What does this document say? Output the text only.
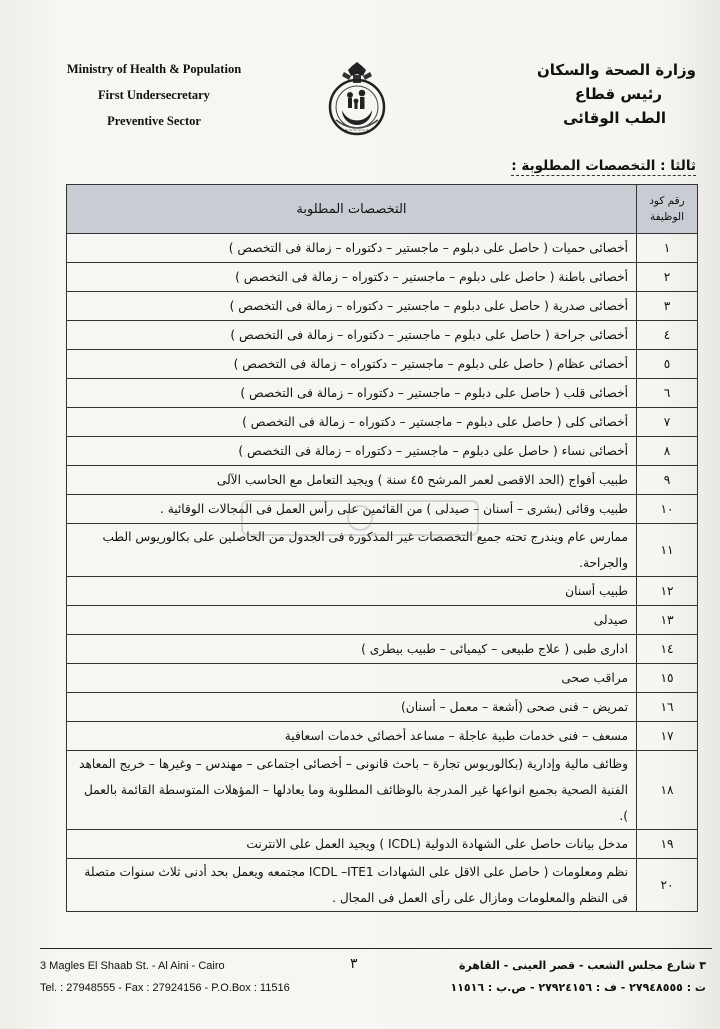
Ministry of Health & Population
First Undersecretary
Preventive Sector
~~~~~~~~
وزارة الصحة والسكان
رئيس قطاع
الطب الوقائى
ثالثا : التخصصات المطلوبة :
رقم كود الوظيفة	التخصصات المطلوبة
١	أخصائى حميات ( حاصل على دبلوم – ماجستير – دكتوراه – زمالة فى التخصص )
٢	أخصائى باطنة ( حاصل على دبلوم – ماجستير – دكتوراه – زمالة فى التخصص )
٣	أخصائى صدرية ( حاصل على دبلوم – ماجستير – دكتوراه – زمالة فى التخصص )
٤	أخصائى جراحة ( حاصل على دبلوم – ماجستير – دكتوراه – زمالة فى التخصص )
٥	أخصائى عظام ( حاصل على دبلوم – ماجستير – دكتوراه – زمالة فى التخصص )
٦	أخصائى قلب ( حاصل على دبلوم – ماجستير – دكتوراه – زمالة فى التخصص )
٧	أخصائى كلى ( حاصل على دبلوم – ماجستير – دكتوراه – زمالة فى التخصص )
٨	أخصائى نساء ( حاصل على دبلوم – ماجستير – دكتوراه – زمالة فى التخصص )
٩	طبيب أفواج (الحد الاقصى لعمر المرشح ٤٥ سنة ) ويجيد التعامل مع الحاسب الآلى
١٠	طبيب وقائى (بشرى – أسنان – صيدلى ) من القائمين على رأس العمل فى المجالات الوقائية .
١١	ممارس عام ويندرج تحته جميع التخصصات غير المذكورة فى الجدول من الحاصلين على بكالوريوس الطب والجراحة.
١٢	طبيب أسنان
١٣	صيدلى
١٤	ادارى طبى ( علاج طبيعى – كيميائى – طبيب بيطرى )
١٥	مراقب صحى
١٦	تمريض – فنى صحى (أشعة – معمل – أسنان)
١٧	مسعف – فنى خدمات طبية عاجلة – مساعد أخصائى خدمات اسعافية
١٨	وظائف مالية وإدارية (بكالوريوس تجارة – باحث قانونى – أخصائى اجتماعى – مهندس – وغيرها – خريج المعاهد الفنية الصحية بجميع انواعها غير المدرجة بالوظائف المطلوبة وما يعادلها – المؤهلات المتوسطة القائمة بالعمل ).
١٩	مدخل بيانات حاصل على الشهادة الدولية (ICDL ) ويجيد العمل على الانترنت
٢٠	نظم ومعلومات ( حاصل على الاقل على الشهادات ICDL –ITE1 مجتمعه ويعمل بحد أدنى ثلاث سنوات متصلة فى النظم والمعلومات ومازال على رأى العمل فى المجال .
3 Magles El Shaab St. - Al Aini - Cairo
Tel. : 27948555 - Fax : 27924156 - P.O.Box : 11516
٣	٣ شارع مجلس الشعب - قصر العينى - القاهرة
ت : ٢٧٩٤٨٥٥٥ - ف : ٢٧٩٢٤١٥٦ - ص.ب : ١١٥١٦
